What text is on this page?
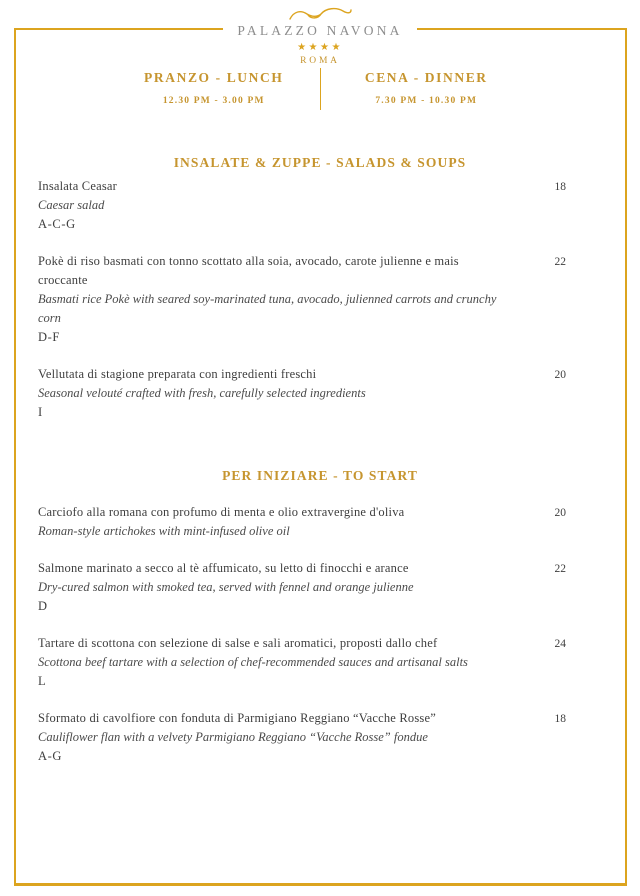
PALAZZO NAVONA
★★★★
ROMA
PRANZO - LUNCH
12.30 PM - 3.00 PM
CENA - DINNER
7.30 PM - 10.30 PM
INSALATE & ZUPPE - SALADS & SOUPS
Insalata Ceasar
Caesar salad
A-C-G
18
Pokè di riso basmati con tonno scottato alla soia, avocado, carote julienne e mais croccante
Basmati rice Pokè with seared soy-marinated tuna, avocado, julienned carrots and crunchy corn
D-F
22
Vellutata di stagione preparata con ingredienti freschi
Seasonal velouté crafted with fresh, carefully selected ingredients
I
20
PER INIZIARE - TO START
Carciofo alla romana con profumo di menta e olio extravergine d'oliva
Roman-style artichokes with mint-infused olive oil
20
Salmone marinato a secco al tè affumicato, su letto di finocchi e arance
Dry-cured salmon with smoked tea, served with fennel and orange julienne
D
22
Tartare di scottona con selezione di salse e sali aromatici, proposti dallo chef
Scottona beef tartare with a selection of chef-recommended sauces and artisanal salts
L
24
Sformato di cavolfiore con fonduta di Parmigiano Reggiano “Vacche Rosse”
Cauliflower flan with a velvety Parmigiano Reggiano “Vacche Rosse” fondue
A-G
18
